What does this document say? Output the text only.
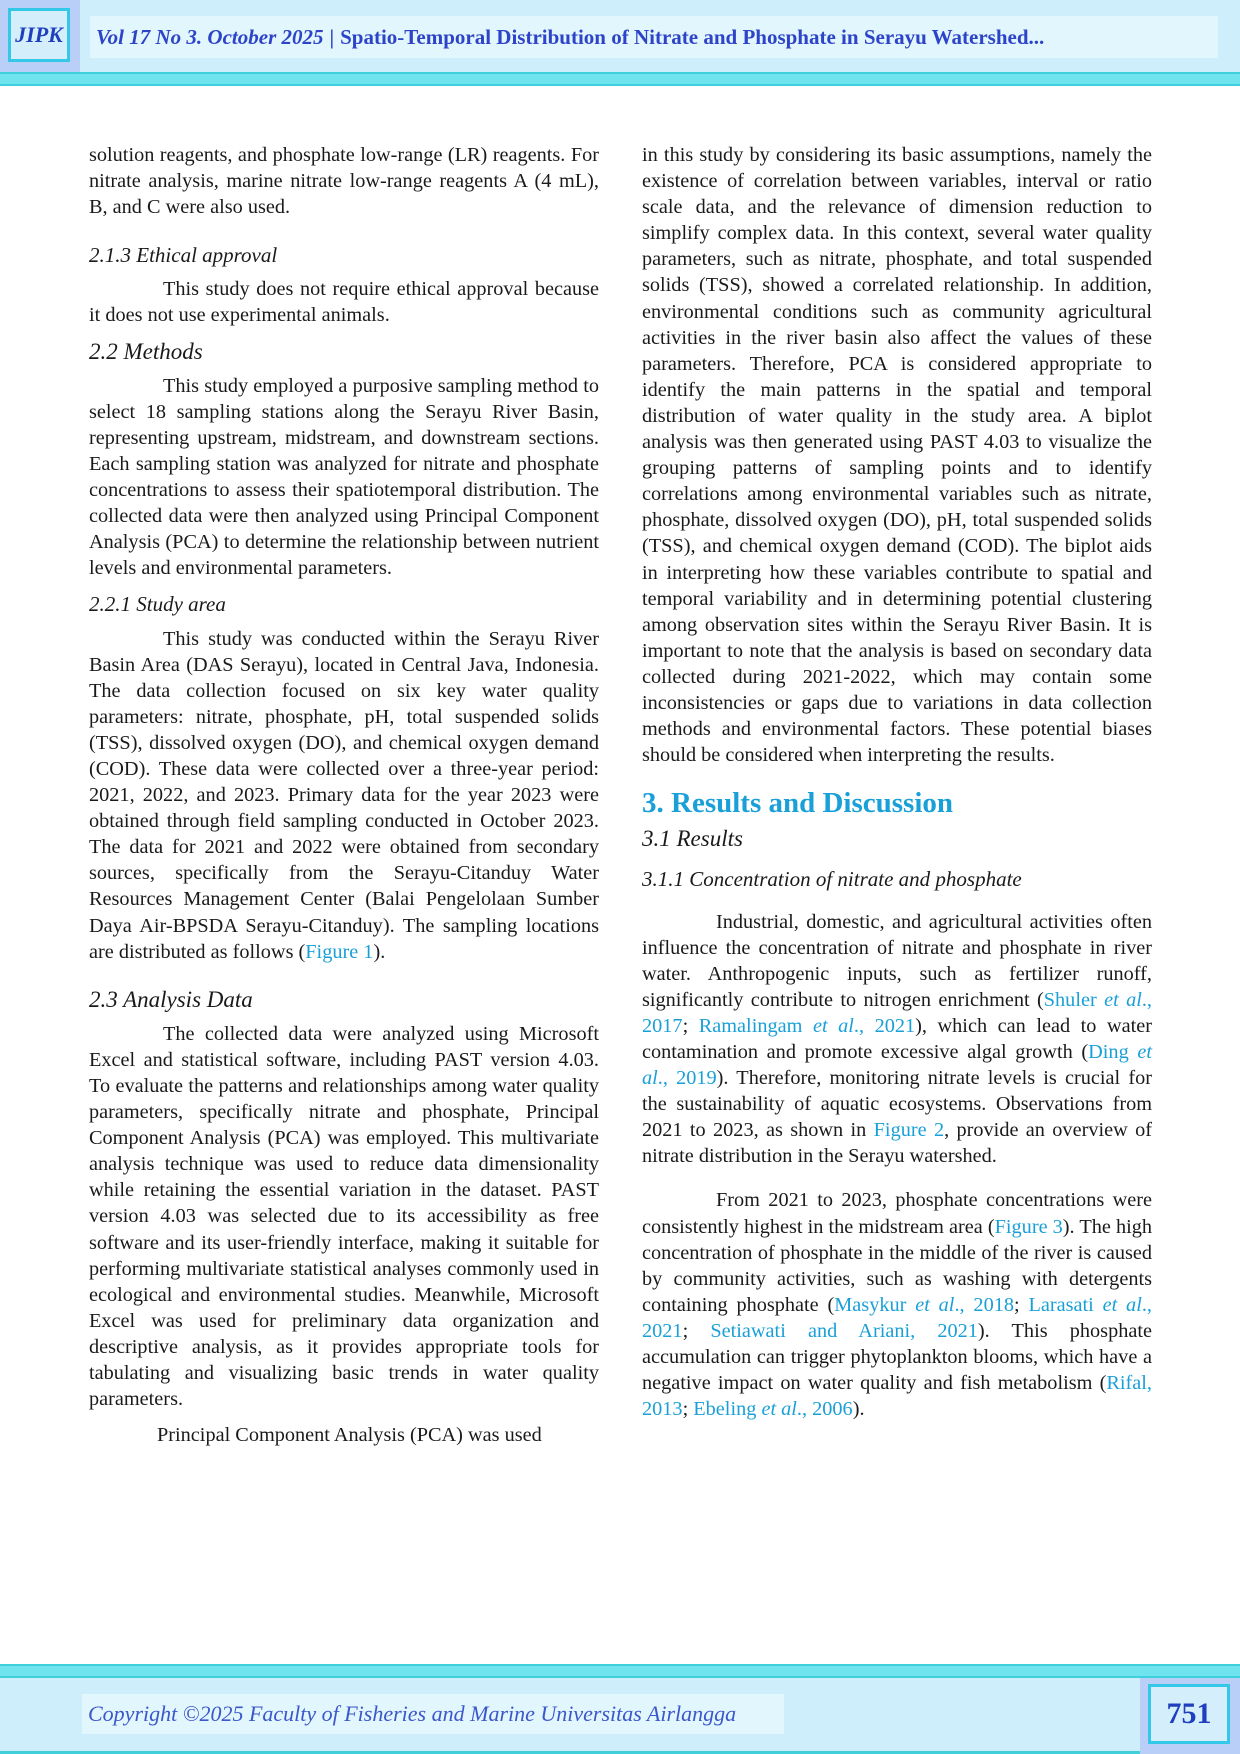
JIPK	Vol 17 No 3. October 2025 | Spatio-Temporal Distribution of Nitrate and Phosphate in Serayu Watershed...

solution reagents, and phosphate low-range (LR) reagents. For nitrate analysis, marine nitrate low-range reagents A (4 mL), B, and C were also used.

2.1.3 Ethical approval

This study does not require ethical approval because it does not use experimental animals.

2.2 Methods

This study employed a purposive sampling method to select 18 sampling stations along the Serayu River Basin, representing upstream, midstream, and downstream sections. Each sampling station was analyzed for nitrate and phosphate concentrations to assess their spatiotemporal distribution. The collected data were then analyzed using Principal Component Analysis (PCA) to determine the relationship between nutrient levels and environmental parameters.

2.2.1 Study area

This study was conducted within the Serayu River Basin Area (DAS Serayu), located in Central Java, Indonesia. The data collection focused on six key water quality parameters: nitrate, phosphate, pH, total suspended solids (TSS), dissolved oxygen (DO), and chemical oxygen demand (COD). These data were collected over a three-year period: 2021, 2022, and 2023. Primary data for the year 2023 were obtained through field sampling conducted in October 2023. The data for 2021 and 2022 were obtained from secondary sources, specifically from the Serayu-Citanduy Water Resources Management Center (Balai Pengelolaan Sumber Daya Air-BPSDA Serayu-Citanduy). The sampling locations are distributed as follows (Figure 1).

2.3 Analysis Data

The collected data were analyzed using Microsoft Excel and statistical software, including PAST version 4.03. To evaluate the patterns and relationships among water quality parameters, specifically nitrate and phosphate, Principal Component Analysis (PCA) was employed. This multivariate analysis technique was used to reduce data dimensionality while retaining the essential variation in the dataset. PAST version 4.03 was selected due to its accessibility as free software and its user-friendly interface, making it suitable for performing multivariate statistical analyses commonly used in ecological and environmental studies. Meanwhile, Microsoft Excel was used for preliminary data organization and descriptive analysis, as it provides appropriate tools for tabulating and visualizing basic trends in water quality parameters.

Principal Component Analysis (PCA) was used

in this study by considering its basic assumptions, namely the existence of correlation between variables, interval or ratio scale data, and the relevance of dimension reduction to simplify complex data. In this context, several water quality parameters, such as nitrate, phosphate, and total suspended solids (TSS), showed a correlated relationship. In addition, environmental conditions such as community agricultural activities in the river basin also affect the values of these parameters. Therefore, PCA is considered appropriate to identify the main patterns in the spatial and temporal distribution of water quality in the study area. A biplot analysis was then generated using PAST 4.03 to visualize the grouping patterns of sampling points and to identify correlations among environmental variables such as nitrate, phosphate, dissolved oxygen (DO), pH, total suspended solids (TSS), and chemical oxygen demand (COD). The biplot aids in interpreting how these variables contribute to spatial and temporal variability and in determining potential clustering among observation sites within the Serayu River Basin. It is important to note that the analysis is based on secondary data collected during 2021-2022, which may contain some inconsistencies or gaps due to variations in data collection methods and environmental factors. These potential biases should be considered when interpreting the results.

3. Results and Discussion
3.1 Results
3.1.1 Concentration of nitrate and phosphate

Industrial, domestic, and agricultural activities often influence the concentration of nitrate and phosphate in river water. Anthropogenic inputs, such as fertilizer runoff, significantly contribute to nitrogen enrichment (Shuler et al., 2017; Ramalingam et al., 2021), which can lead to water contamination and promote excessive algal growth (Ding et al., 2019). Therefore, monitoring nitrate levels is crucial for the sustainability of aquatic ecosystems. Observations from 2021 to 2023, as shown in Figure 2, provide an overview of nitrate distribution in the Serayu watershed.

From 2021 to 2023, phosphate concentrations were consistently highest in the midstream area (Figure 3). The high concentration of phosphate in the middle of the river is caused by community activities, such as washing with detergents containing phosphate (Masykur et al., 2018; Larasati et al., 2021; Setiawati and Ariani, 2021). This phosphate accumulation can trigger phytoplankton blooms, which have a negative impact on water quality and fish metabolism (Rifal, 2013; Ebeling et al., 2006).

Copyright ©2025 Faculty of Fisheries and Marine Universitas Airlangga	751
